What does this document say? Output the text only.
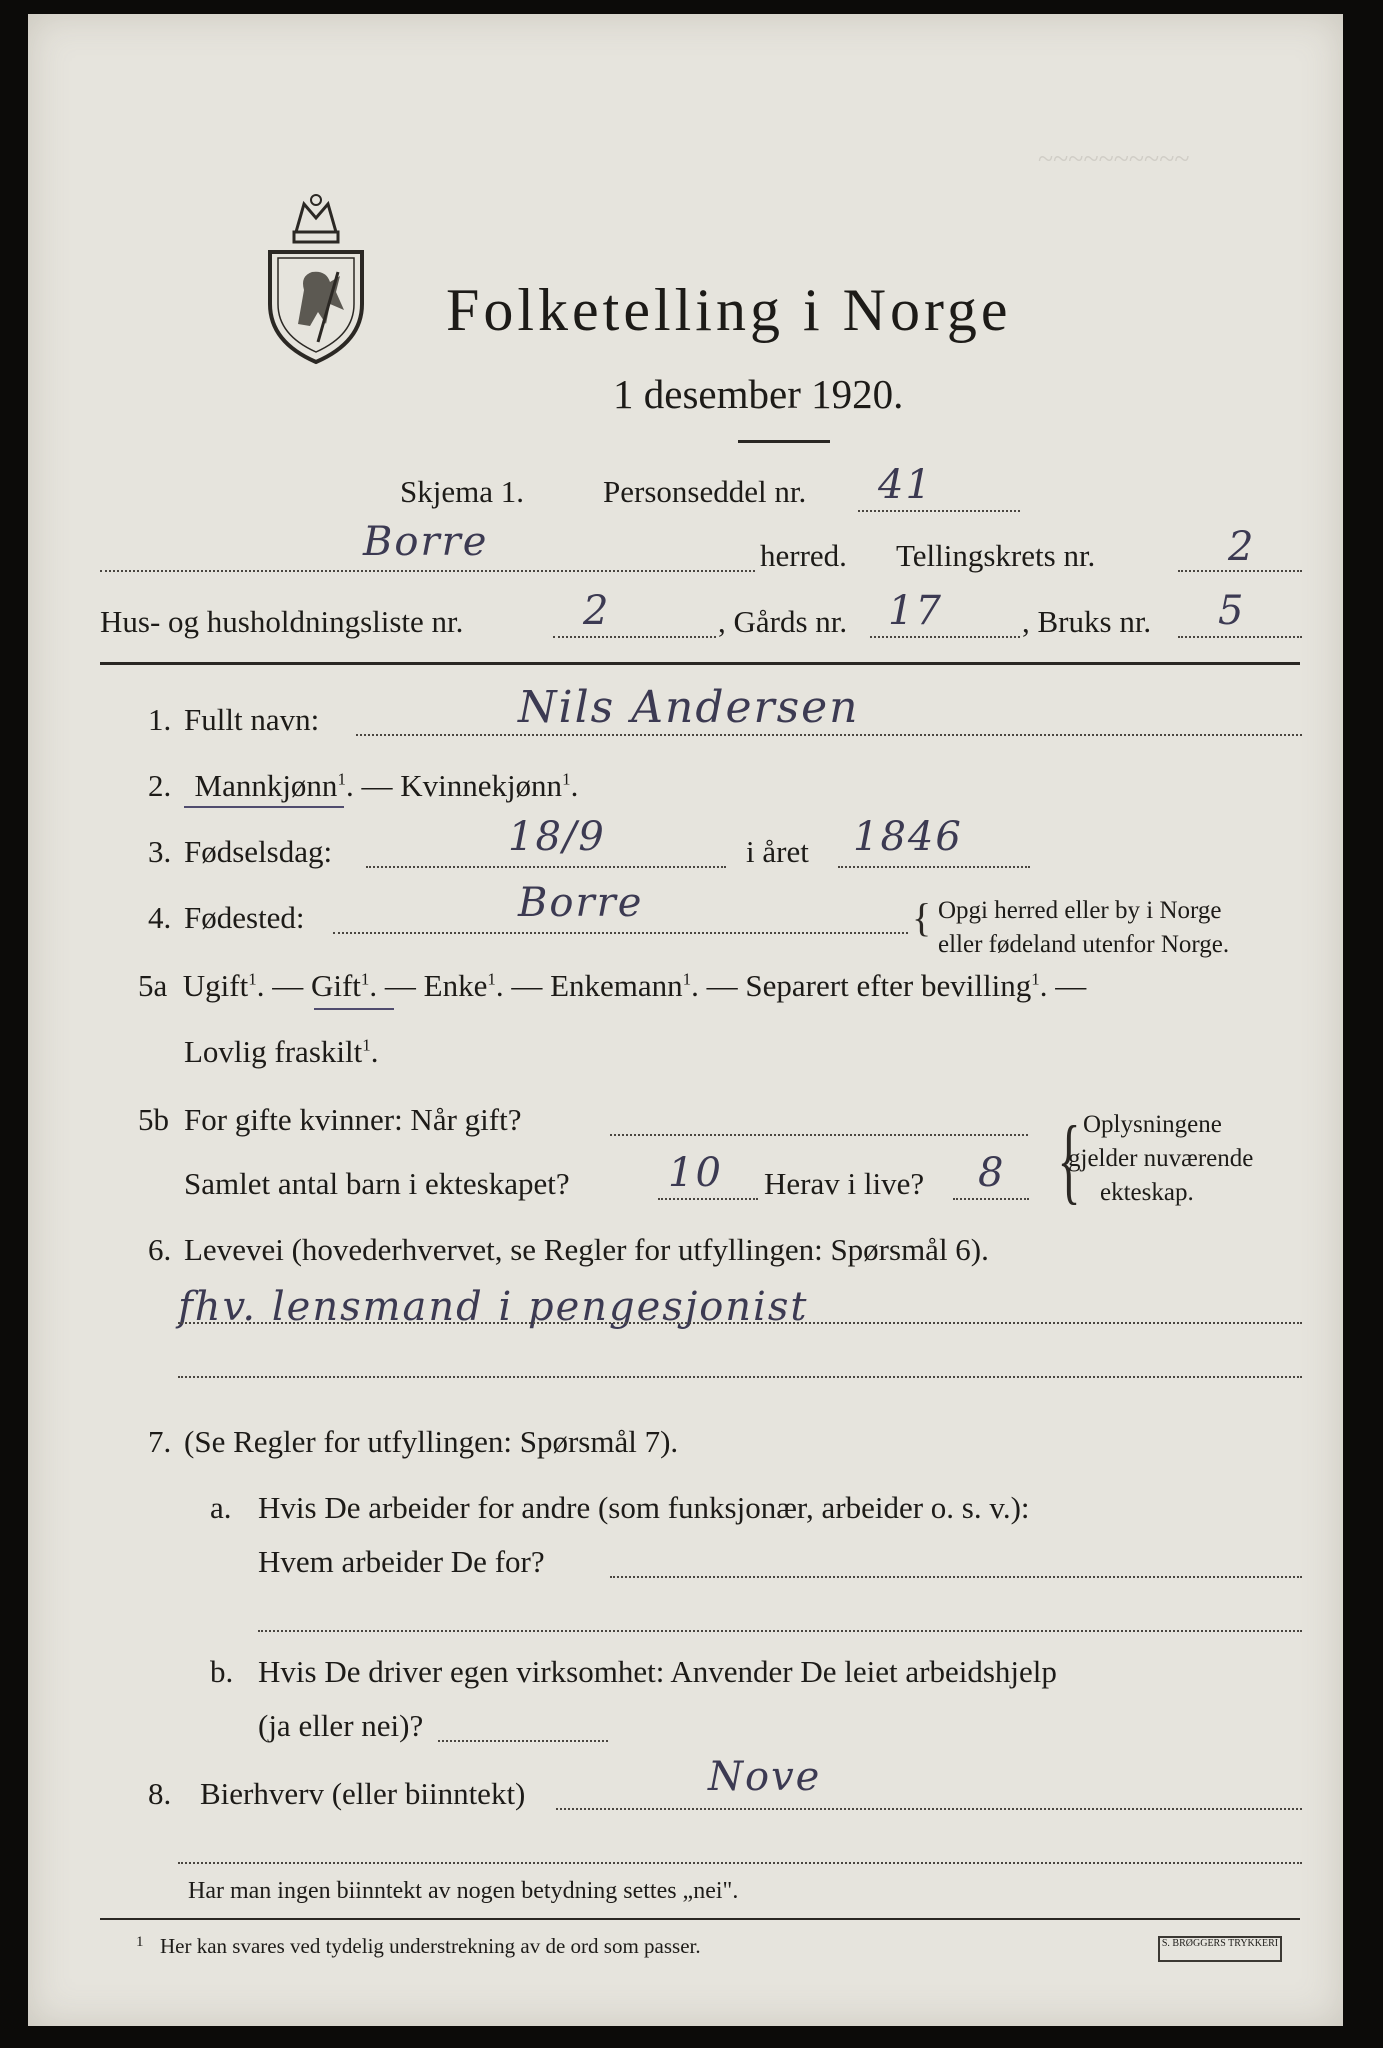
~~~~~~~~~~
Folketelling i Norge
1 desember 1920.
Skjema 1.	Personseddel nr. 41
Borre	herred. Tellingskrets nr.	2
Hus- og husholdningsliste nr.	2	, Gårds nr. 17	, Bruks nr. 5
1. Fullt navn:	Nils Andersen
2. Mannkjønn$^1$. — Kvinnekjønn$^1$.
3. Fødselsdag:	18/9	i året 1846
4. Fødested:	Borre	{ Opgi herred eller by i Norge
eller fødeland utenfor Norge.
5a Ugift$^1$. — Gift$^1$. — Enke$^1$. — Enkemann$^1$. — Separert efter bevilling$^1$. —
Lovlig fraskilt$^1$.
5b For gifte kvinner: Når gift?
Samlet antal barn i ekteskapet? 10 Herav i live? 8 { Oplysningene
gjelder nuværende
ekteskap.
6. Levevei (hovederhvervet, se Regler for utfyllingen: Spørsmål 6).
fhv. lensmand i pengesjonist
7. (Se Regler for utfyllingen: Spørsmål 7).
a. Hvis De arbeider for andre (som funksjonær, arbeider o. s. v.):
Hvem arbeider De for?
b. Hvis De driver egen virksomhet: Anvender De leiet arbeidshjelp
(ja eller nei)?
8. Bierhverv (eller biinntekt)	Nove
Har man ingen biinntekt av nogen betydning settes „nei".
1 Her kan svares ved tydelig understrekning av de ord som passer.	S. BRØGGERS TRYKKERI
